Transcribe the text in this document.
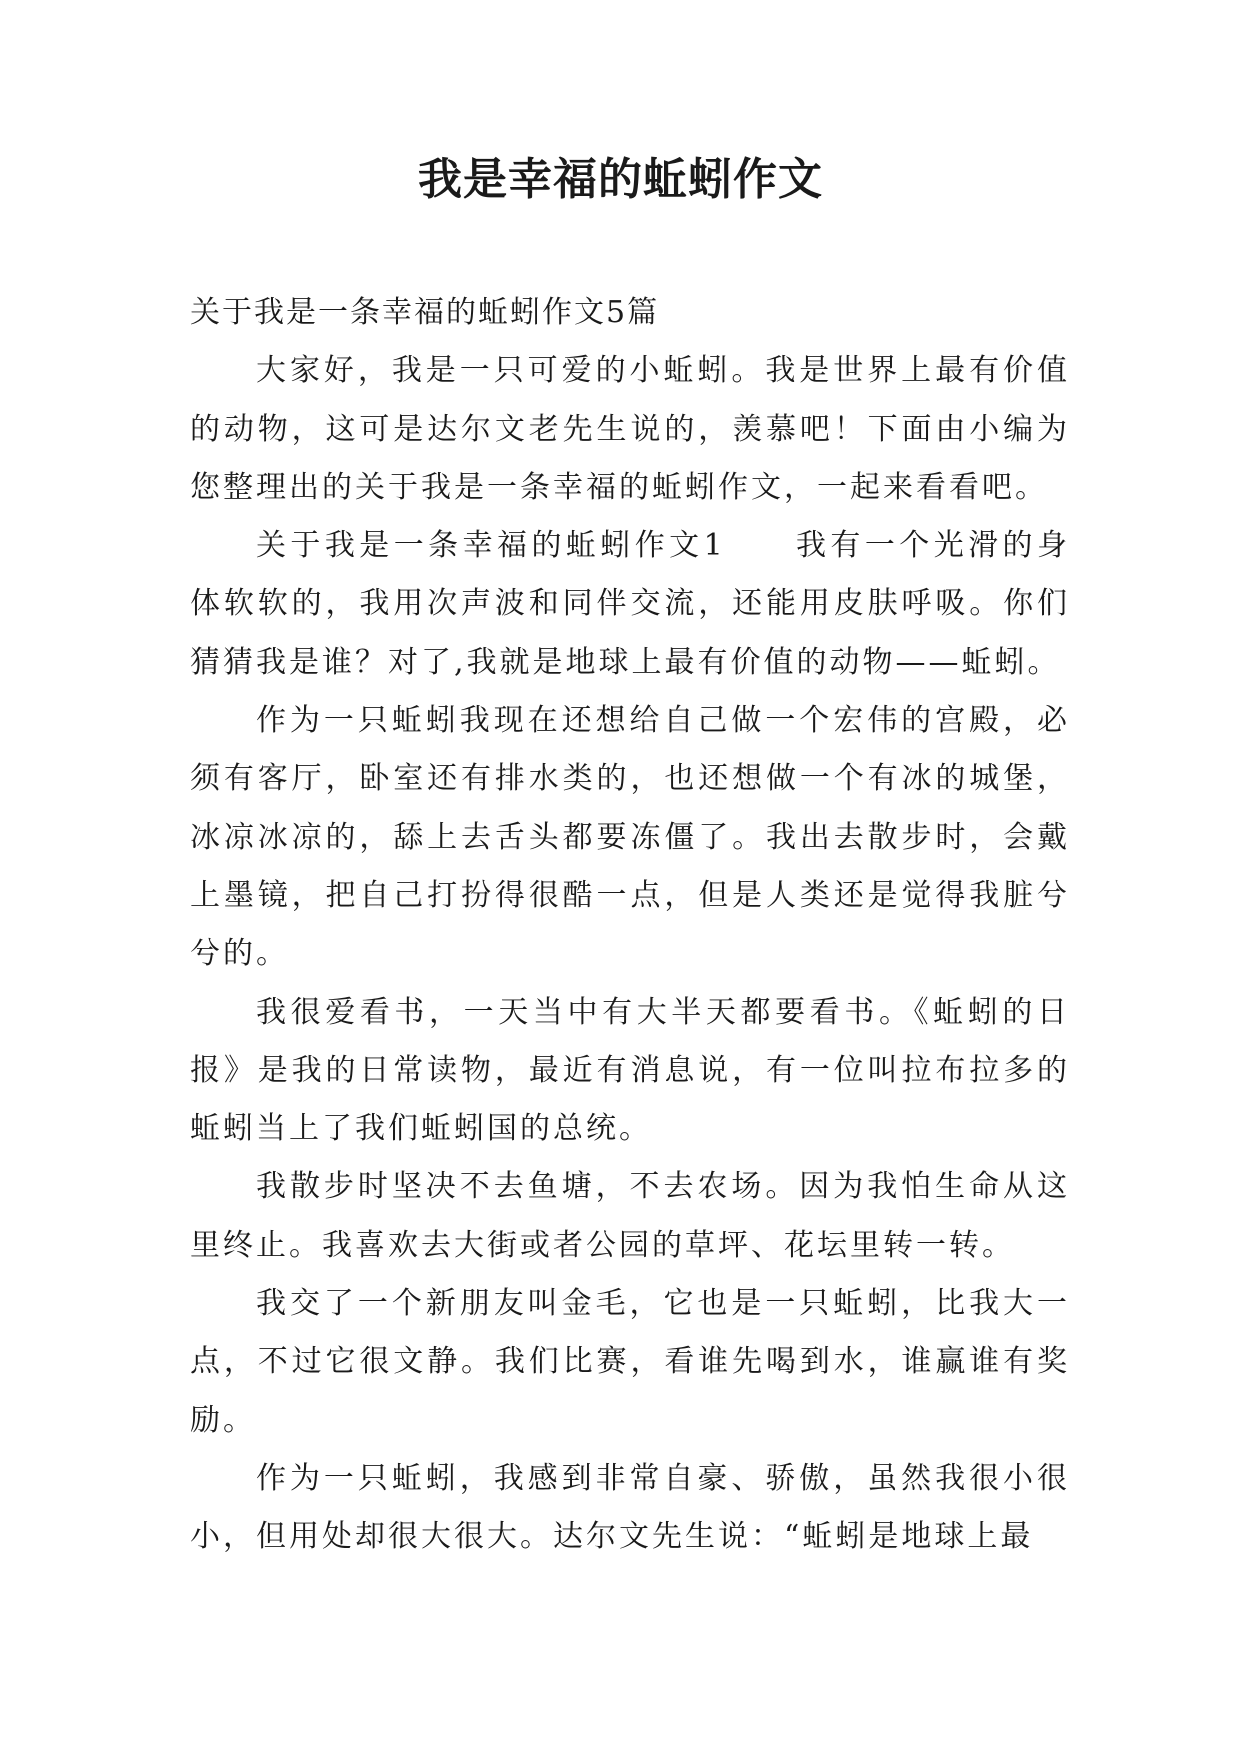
我是幸福的蚯蚓作文

关于我是一条幸福的蚯蚓作文5篇

大家好，我是一只可爱的小蚯蚓。我是世界上最有价值的动物，这可是达尔文老先生说的，羡慕吧！下面由小编为您整理出的关于我是一条幸福的蚯蚓作文，一起来看看吧。

关于我是一条幸福的蚯蚓作文1　　我有一个光滑的身体软软的，我用次声波和同伴交流，还能用皮肤呼吸。你们猜猜我是谁？对了,我就是地球上最有价值的动物——蚯蚓。

作为一只蚯蚓我现在还想给自己做一个宏伟的宫殿，必须有客厅，卧室还有排水类的，也还想做一个有冰的城堡，冰凉冰凉的，舔上去舌头都要冻僵了。我出去散步时，会戴上墨镜，把自己打扮得很酷一点，但是人类还是觉得我脏兮兮的。

我很爱看书，一天当中有大半天都要看书。《蚯蚓的日报》是我的日常读物，最近有消息说，有一位叫拉布拉多的蚯蚓当上了我们蚯蚓国的总统。

我散步时坚决不去鱼塘，不去农场。因为我怕生命从这里终止。我喜欢去大街或者公园的草坪、花坛里转一转。

我交了一个新朋友叫金毛，它也是一只蚯蚓，比我大一点，不过它很文静。我们比赛，看谁先喝到水，谁赢谁有奖励。

作为一只蚯蚓，我感到非常自豪、骄傲，虽然我很小很小，但用处却很大很大。达尔文先生说：“蚯蚓是地球上最
